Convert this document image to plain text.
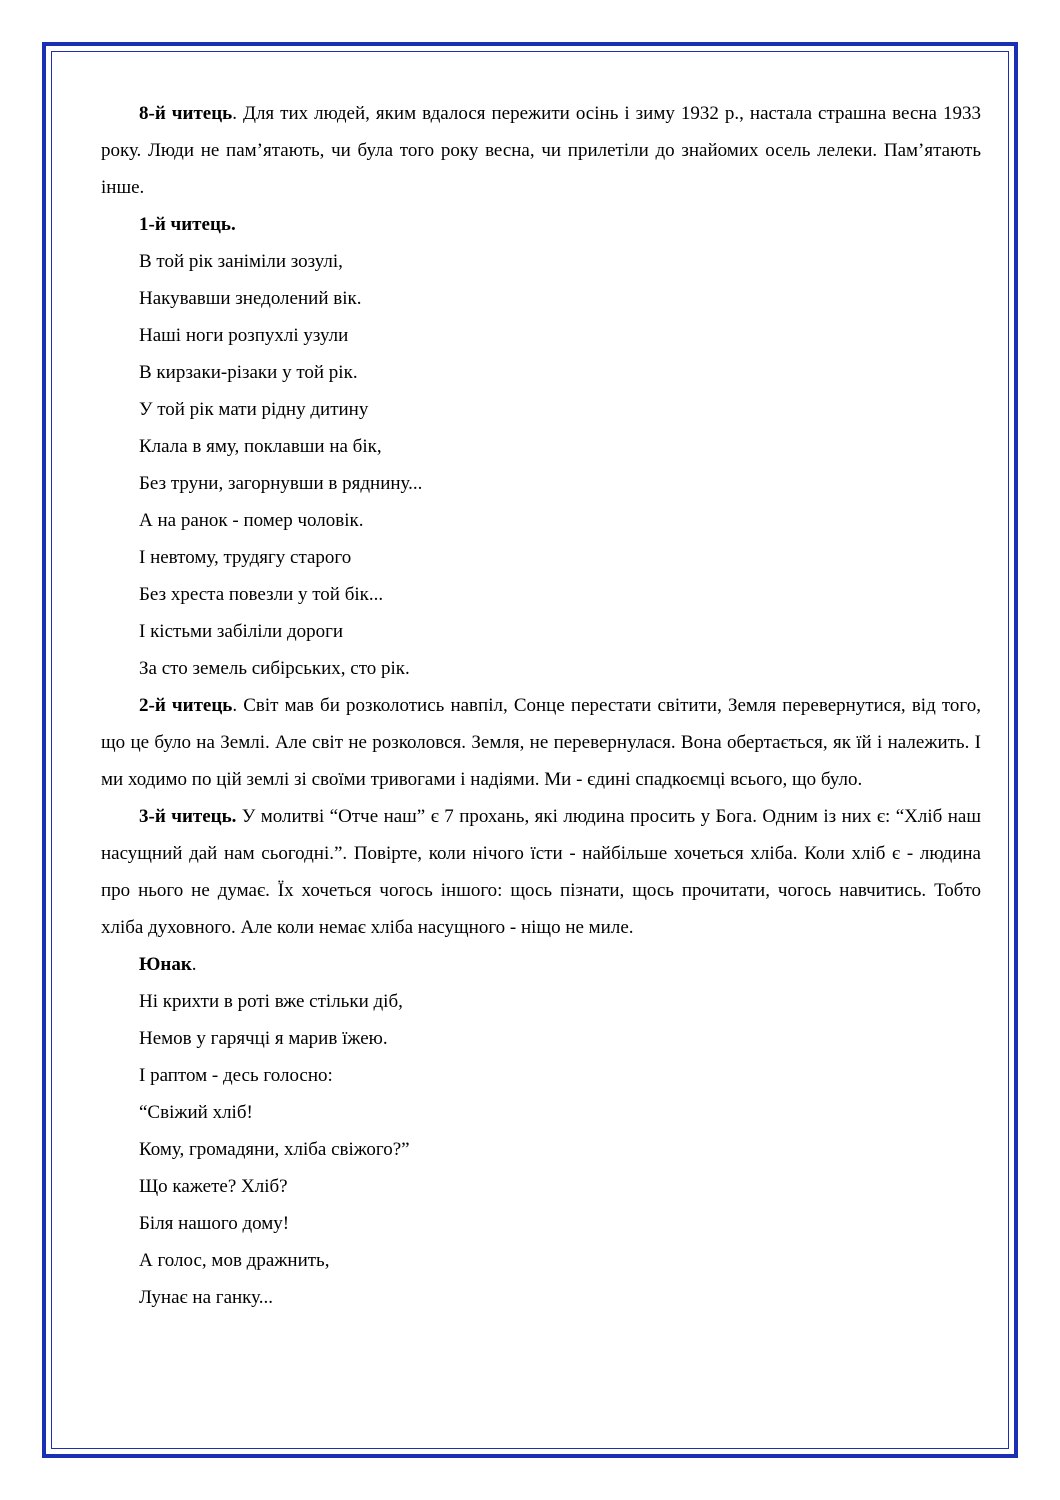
8-й читець. Для тих людей, яким вдалося пережити осінь і зиму 1932 р., настала страшна весна 1933 року. Люди не пам’ятають, чи була того року весна, чи прилетіли до знайомих осель лелеки. Пам’ятають інше.

1-й читець.

В той рік заніміли зозулі,

Накувавши знедолений вік.

Наші ноги розпухлі узули

В кирзаки-різаки у той рік.

У той рік мати рідну дитину

Клала в яму, поклавши на бік,

Без труни, загорнувши в ряднину...

А на ранок - помер чоловік.

І невтому, трудягу старого

Без хреста повезли у той бік...

І кістьми забіліли дороги

За сто земель сибірських, сто рік.

2-й читець. Світ мав би розколотись навпіл, Сонце перестати світити, Земля перевернутися, від того, що це було на Землі. Але світ не розколовся. Земля, не перевернулася. Вона обертається, як їй і належить. І ми ходимо по цій землі зі своїми тривогами і надіями. Ми - єдині спадкоємці всього, що було.

3-й читець. У молитві “Отче наш” є 7 прохань, які людина просить у Бога. Одним із них є: “Хліб наш насущний дай нам сьогодні.”. Повірте, коли нічого їсти - найбільше хочеться хліба. Коли хліб є - людина про нього не думає. Їх хочеться чогось іншого: щось пізнати, щось прочитати, чогось навчитись. Тобто хліба духовного. Але коли немає хліба насущного - ніщо не миле.

Юнак.

Ні крихти в роті вже стільки діб,

Немов у гарячці я марив їжею.

І раптом - десь голосно:

“Свіжий хліб!

Кому, громадяни, хліба свіжого?”

Що кажете? Хліб?

Біля нашого дому!

А голос, мов дражнить,

Лунає на ганку...
